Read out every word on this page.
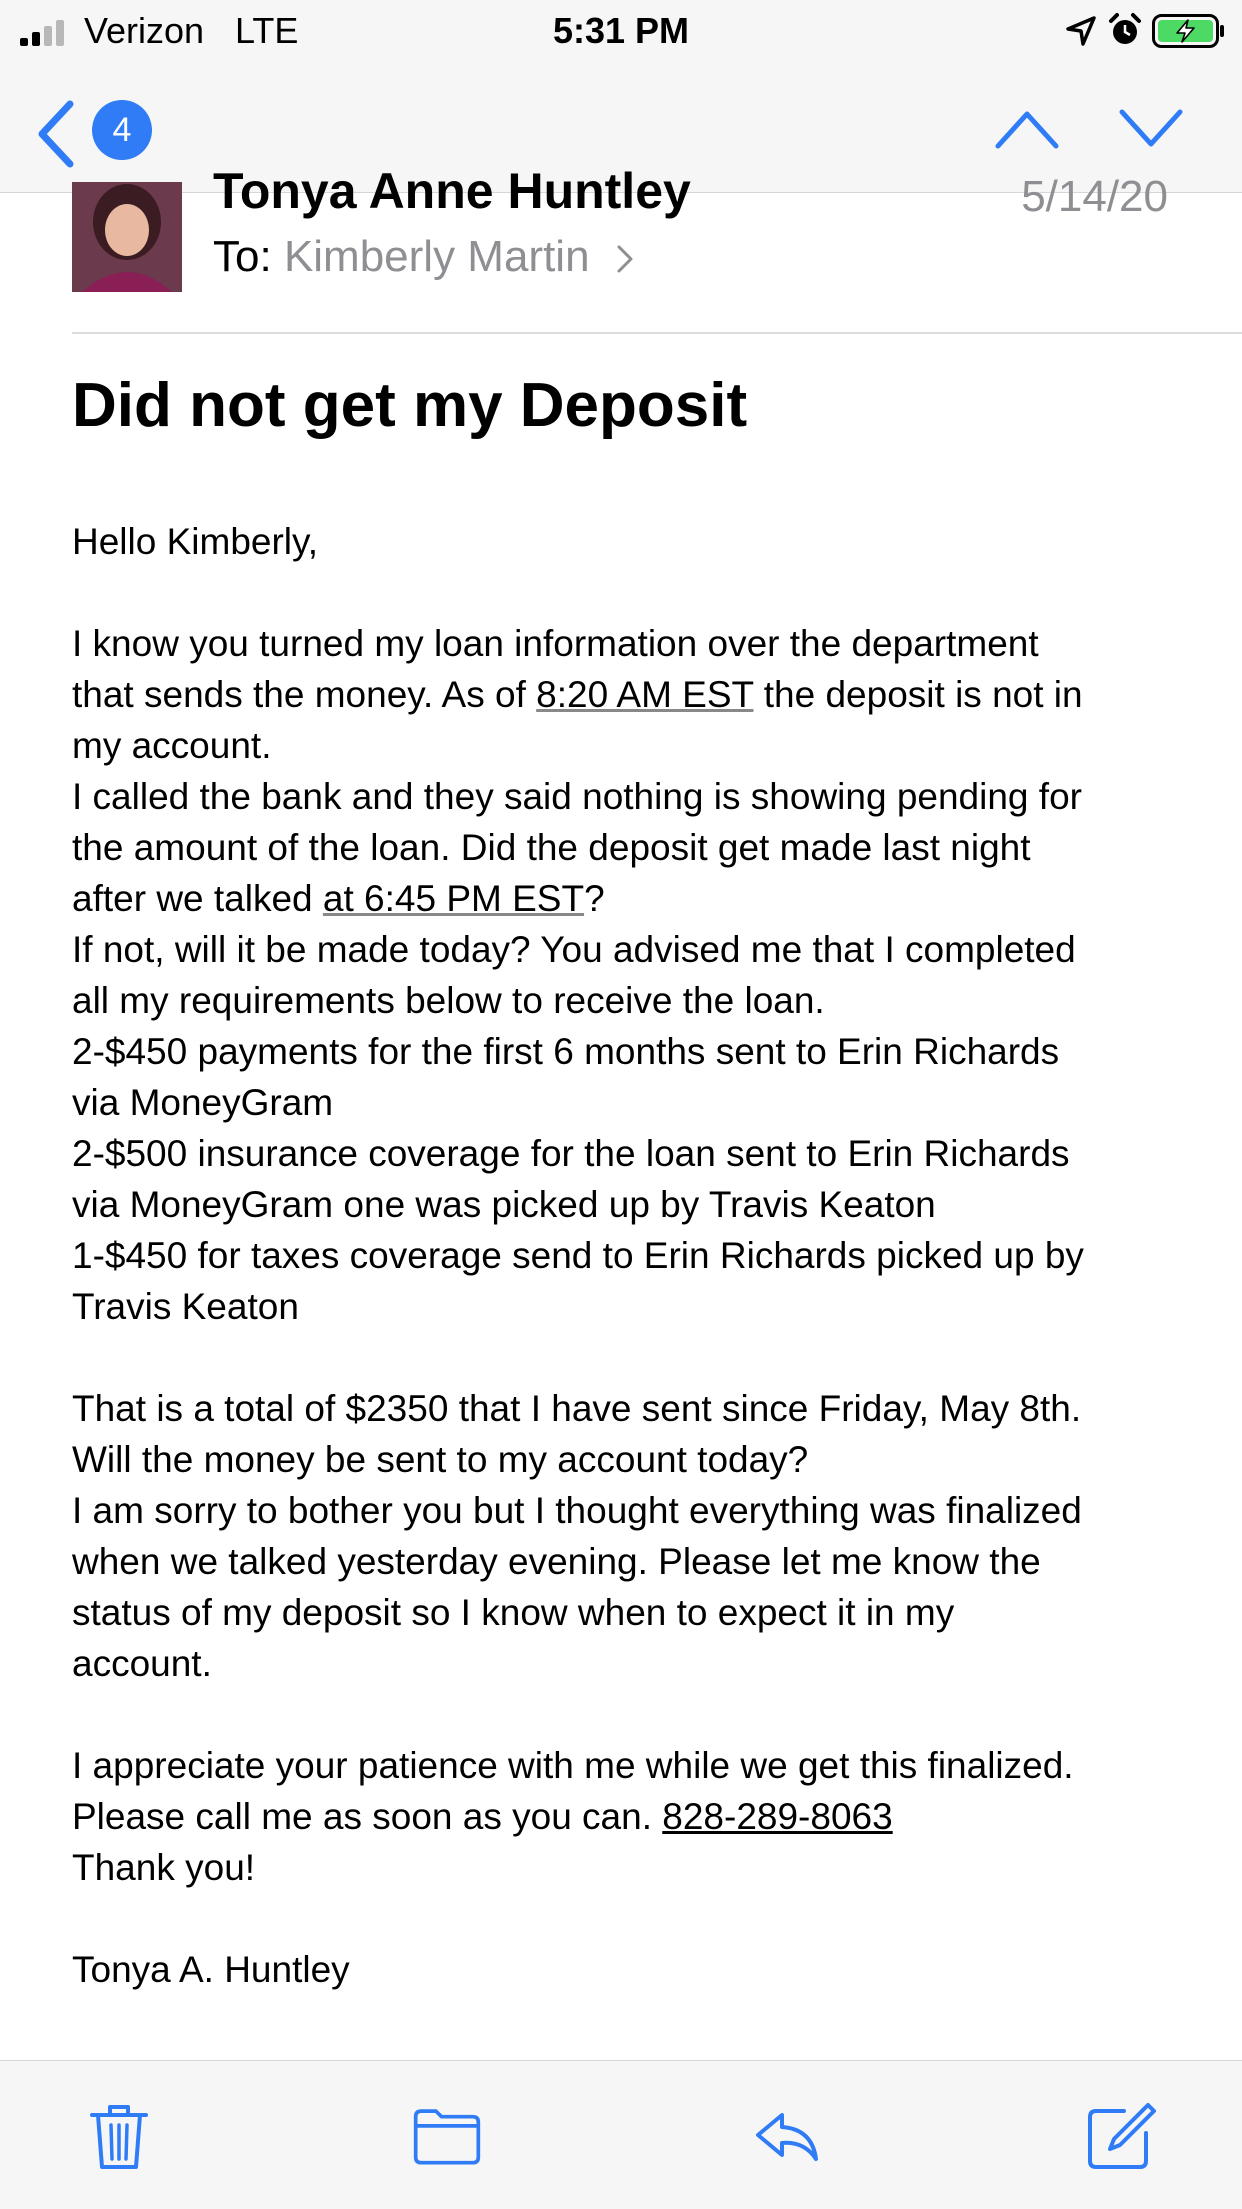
Verizon LTE	5:31 PM
4
Tonya Anne Huntley	5/14/20
To: Kimberly Martin
Did not get my Deposit

Hello Kimberly,

I know you turned my loan information over the department

that sends the money. As of 8:20 AM EST the deposit is not in

my account.

I called the bank and they said nothing is showing pending for

the amount of the loan. Did the deposit get made last night

after we talked at 6:45 PM EST?

If not, will it be made today? You advised me that I completed

all my requirements below to receive the loan.

2-$450 payments for the first 6 months sent to Erin Richards

via MoneyGram

2-$500 insurance coverage for the loan sent to Erin Richards

via MoneyGram one was picked up by Travis Keaton

1-$450 for taxes coverage send to Erin Richards picked up by

Travis Keaton

That is a total of $2350 that I have sent since Friday, May 8th.

Will the money be sent to my account today?

I am sorry to bother you but I thought everything was finalized

when we talked yesterday evening. Please let me know the

status of my deposit so I know when to expect it in my

account.

I appreciate your patience with me while we get this finalized.

Please call me as soon as you can. 828-289-8063

Thank you!

Tonya A. Huntley
